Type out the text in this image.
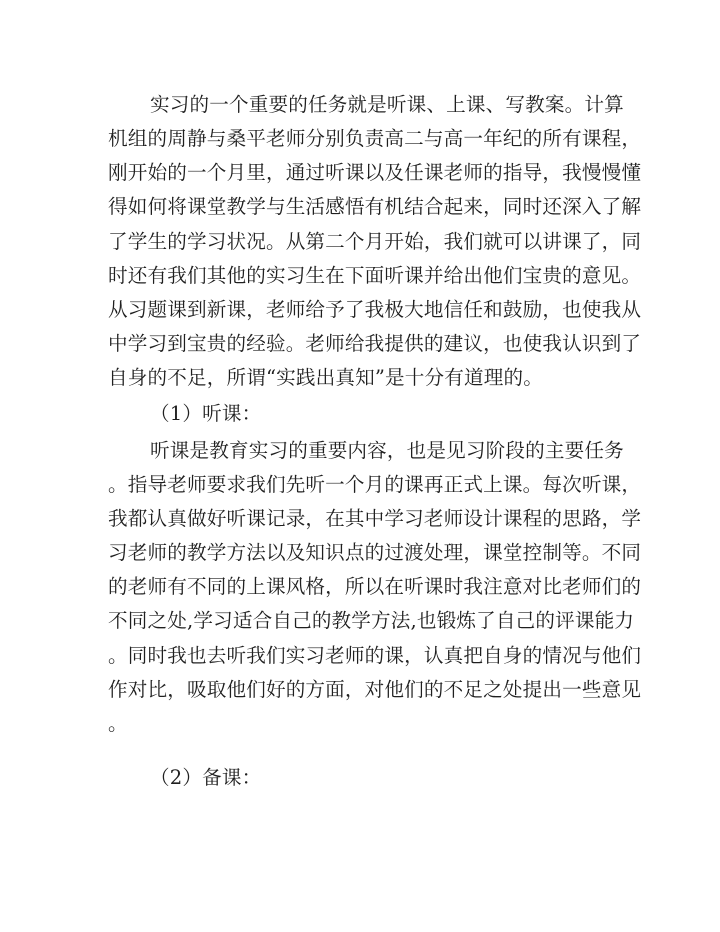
实习的一个重要的任务就是听课、上课、写教案。计算
机组的周静与桑平老师分别负责高二与高一年纪的所有课程，
刚开始的一个月里，通过听课以及任课老师的指导，我慢慢懂
得如何将课堂教学与生活感悟有机结合起来，同时还深入了解
了学生的学习状况。从第二个月开始，我们就可以讲课了，同
时还有我们其他的实习生在下面听课并给出他们宝贵的意见。
从习题课到新课，老师给予了我极大地信任和鼓励，也使我从
中学习到宝贵的经验。老师给我提供的建议，也使我认识到了
自身的不足，所谓“实践出真知”是十分有道理的。
（1）听课：
听课是教育实习的重要内容，也是见习阶段的主要任务
。指导老师要求我们先听一个月的课再正式上课。每次听课，
我都认真做好听课记录，在其中学习老师设计课程的思路，学
习老师的教学方法以及知识点的过渡处理，课堂控制等。不同
的老师有不同的上课风格，所以在听课时我注意对比老师们的
不同之处,学习适合自己的教学方法,也锻炼了自己的评课能力
。同时我也去听我们实习老师的课，认真把自身的情况与他们
作对比，吸取他们好的方面，对他们的不足之处提出一些意见
。
（2）备课：
